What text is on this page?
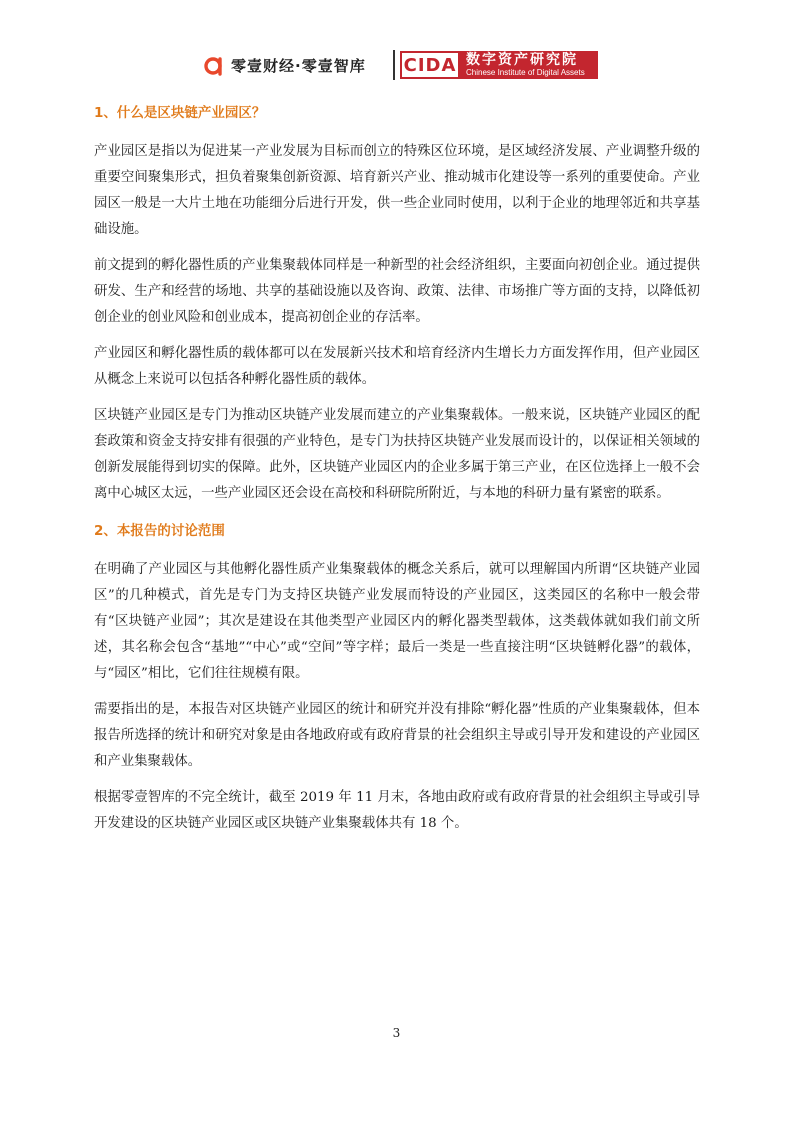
零壹财经·零壹智库 CIDA 数字资产研究院
Chinese Institute of Digital Assets
1、什么是区块链产业园区？

产业园区是指以为促进某一产业发展为目标而创立的特殊区位环境，是区域经济发展、产业调整升级的重要空间聚集形式，担负着聚集创新资源、培育新兴产业、推动城市化建设等一系列的重要使命。产业园区一般是一大片土地在功能细分后进行开发，供一些企业同时使用，以利于企业的地理邻近和共享基础设施。

前文提到的孵化器性质的产业集聚载体同样是一种新型的社会经济组织，主要面向初创企业。通过提供研发、生产和经营的场地、共享的基础设施以及咨询、政策、法律、市场推广等方面的支持，以降低初创企业的创业风险和创业成本，提高初创企业的存活率。

产业园区和孵化器性质的载体都可以在发展新兴技术和培育经济内生增长力方面发挥作用，但产业园区从概念上来说可以包括各种孵化器性质的载体。

区块链产业园区是专门为推动区块链产业发展而建立的产业集聚载体。一般来说，区块链产业园区的配套政策和资金支持安排有很强的产业特色，是专门为扶持区块链产业发展而设计的，以保证相关领域的创新发展能得到切实的保障。此外，区块链产业园区内的企业多属于第三产业，在区位选择上一般不会离中心城区太远，一些产业园区还会设在高校和科研院所附近，与本地的科研力量有紧密的联系。

2、本报告的讨论范围

在明确了产业园区与其他孵化器性质产业集聚载体的概念关系后，就可以理解国内所谓“区块链产业园区”的几种模式，首先是专门为支持区块链产业发展而特设的产业园区，这类园区的名称中一般会带有“区块链产业园”；其次是建设在其他类型产业园区内的孵化器类型载体，这类载体就如我们前文所述，其名称会包含“基地”“中心”或“空间”等字样；最后一类是一些直接注明“区块链孵化器”的载体，与“园区”相比，它们往往规模有限。

需要指出的是，本报告对区块链产业园区的统计和研究并没有排除“孵化器”性质的产业集聚载体，但本报告所选择的统计和研究对象是由各地政府或有政府背景的社会组织主导或引导开发和建设的产业园区和产业集聚载体。

根据零壹智库的不完全统计，截至 2019 年 11 月末，各地由政府或有政府背景的社会组织主导或引导开发建设的区块链产业园区或区块链产业集聚载体共有 18 个。

3
